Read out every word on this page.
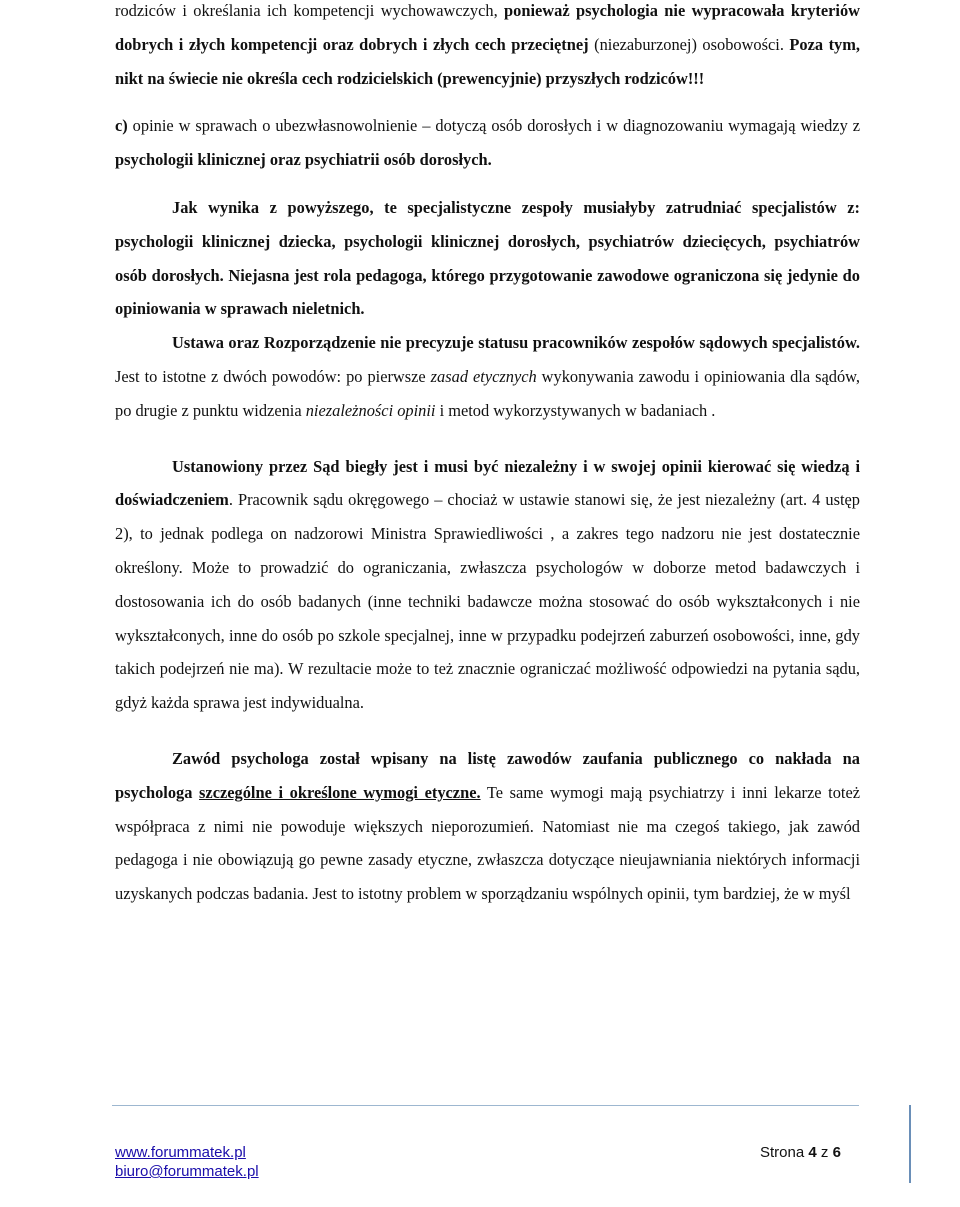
rodziców i określania ich kompetencji wychowawczych, ponieważ psychologia nie wypracowała kryteriów dobrych i złych kompetencji oraz dobrych i złych cech przeciętnej (niezaburzonej) osobowości. Poza tym, nikt na świecie nie określa cech rodzicielskich (prewencyjnie) przyszłych rodziców!!!

c) opinie w sprawach o ubezwłasnowolnienie – dotyczą osób dorosłych i w diagnozowaniu wymagają wiedzy z psychologii klinicznej oraz psychiatrii osób dorosłych.

Jak wynika z powyższego, te specjalistyczne zespoły musiałyby zatrudniać specjalistów z: psychologii klinicznej dziecka, psychologii klinicznej dorosłych, psychiatrów dziecięcych, psychiatrów osób dorosłych. Niejasna jest rola pedagoga, którego przygotowanie zawodowe ograniczona się jedynie do opiniowania w sprawach nieletnich.

Ustawa oraz Rozporządzenie nie precyzuje statusu pracowników zespołów sądowych specjalistów. Jest to istotne z dwóch powodów: po pierwsze zasad etycznych wykonywania zawodu i opiniowania dla sądów, po drugie z punktu widzenia niezależności opinii i metod wykorzystywanych w badaniach .

Ustanowiony przez Sąd biegły jest i musi być niezależny i w swojej opinii kierować się wiedzą i doświadczeniem. Pracownik sądu okręgowego – chociaż w ustawie stanowi się, że jest niezależny (art. 4 ustęp 2), to jednak podlega on nadzorowi Ministra Sprawiedliwości , a zakres tego nadzoru nie jest dostatecznie określony. Może to prowadzić do ograniczania, zwłaszcza psychologów w doborze metod badawczych i dostosowania ich do osób badanych (inne techniki badawcze można stosować do osób wykształconych i nie wykształconych, inne do osób po szkole specjalnej, inne w przypadku podejrzeń zaburzeń osobowości, inne, gdy takich podejrzeń nie ma). W rezultacie może to też znacznie ograniczać możliwość odpowiedzi na pytania sądu, gdyż każda sprawa jest indywidualna.

Zawód psychologa został wpisany na listę zawodów zaufania publicznego co nakłada na psychologa szczególne i określone wymogi etyczne. Te same wymogi mają psychiatrzy i inni lekarze toteż współpraca z nimi nie powoduje większych nieporozumień. Natomiast nie ma czegoś takiego, jak zawód pedagoga i nie obowiązują go pewne zasady etyczne, zwłaszcza dotyczące nieujawniania niektórych informacji uzyskanych podczas badania. Jest to istotny problem w sporządzaniu wspólnych opinii, tym bardziej, że w myśl

www.forummatek.pl
biuro@forummatek.pl
Strona 4 z 6
